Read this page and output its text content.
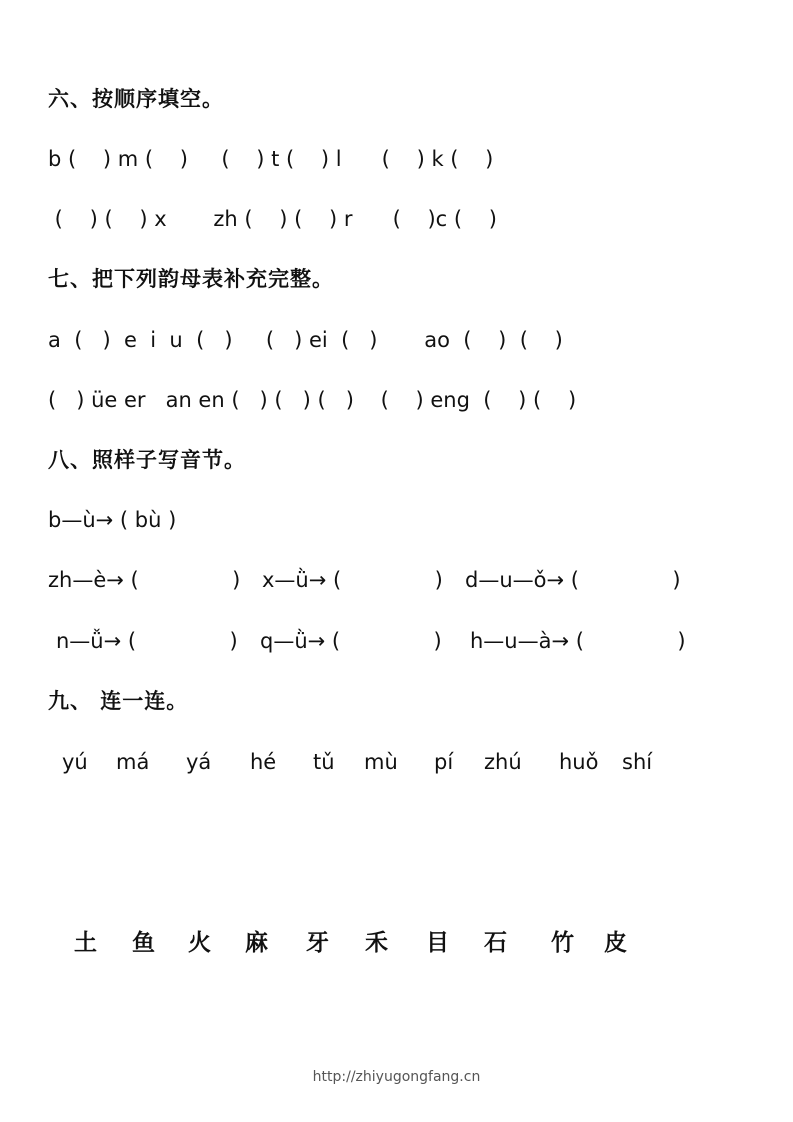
六、按顺序填空。
b (    ) m (    )     (    ) t (    ) l      (    ) k (    )
(    ) (    ) x       zh (    ) (    ) r      (    )c (    )
七、把下列韵母表补充完整。
a  (   )  e  i  u  (   )     (   ) ei  (   )       ao  (    )  (    )
(   ) üe er   an en (   ) (   ) (   )    (    ) eng  (    ) (    )
八、照样子写音节。
b—ù→ ( bù )
zh—è→ (              ) x—ǜ→ (              ) d—u—ǒ→ (              )
n—ǚ→ (              ) q—ǜ→ (              ) h—u—à→ (              )
九、 连一连。
yú má yá hé tǔ mù pí zhú huǒ shí
土 鱼 火 麻 牙 禾 目 石 竹 皮
http://zhiyugongfang.cn
